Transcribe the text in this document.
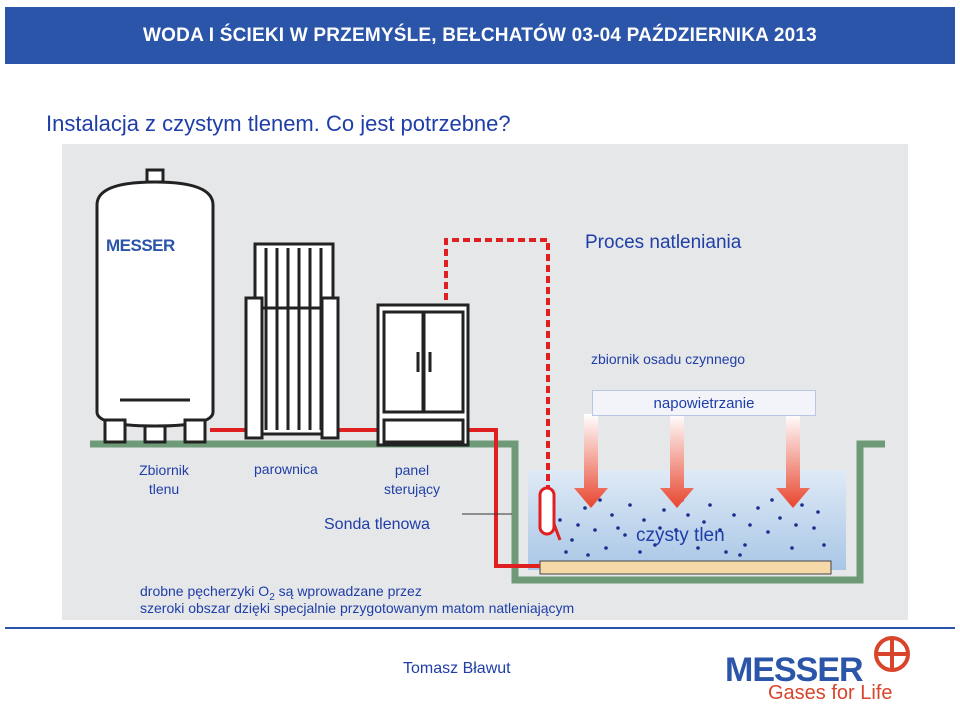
WODA I ŚCIEKI W PRZEMYŚLE, BEŁCHATÓW 03-04 PAŹDZIERNIKA 2013
Instalacja z czystym tlenem. Co jest potrzebne?
MESSER	Proces natleniania
zbiornik osadu czynnego
napowietrzanie
Zbiornik tlenu
parownica	panel sterujący
Sonda tlenowa
czysty tlen
drobne pęcherzyki $O_2$ są wprowadzane przez
szeroki obszar dzięki specjalnie przygotowanym matom natleniającym
Tomasz Bławut	MESSER
Gases for Life
